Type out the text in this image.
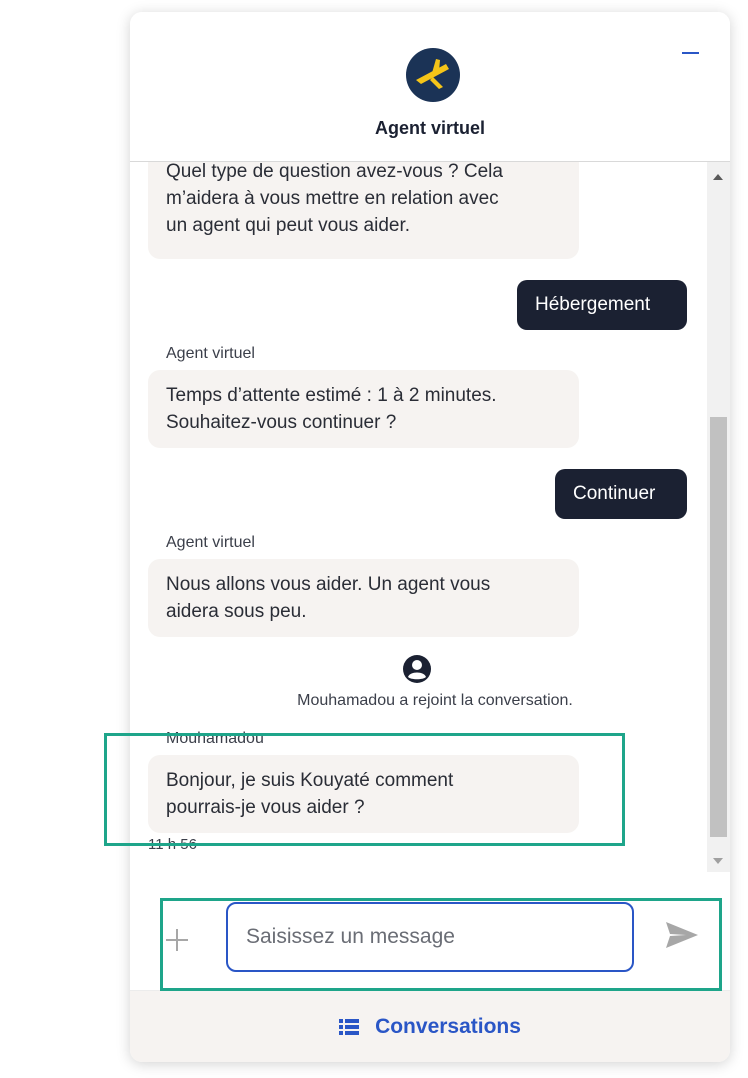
Agent virtuel
Quel type de question avez-vous ? Cela
m’aidera à vous mettre en relation avec
un agent qui peut vous aider.
Hébergement
Agent virtuel
Temps d’attente estimé : 1 à 2 minutes.
Souhaitez-vous continuer ?
Continuer
Agent virtuel
Nous allons vous aider. Un agent vous
aidera sous peu.
Mouhamadou a rejoint la conversation.
Mouhamadou
Bonjour, je suis Kouyaté comment
pourrais-je vous aider ?
11 h 56
Saisissez un message
Conversations
